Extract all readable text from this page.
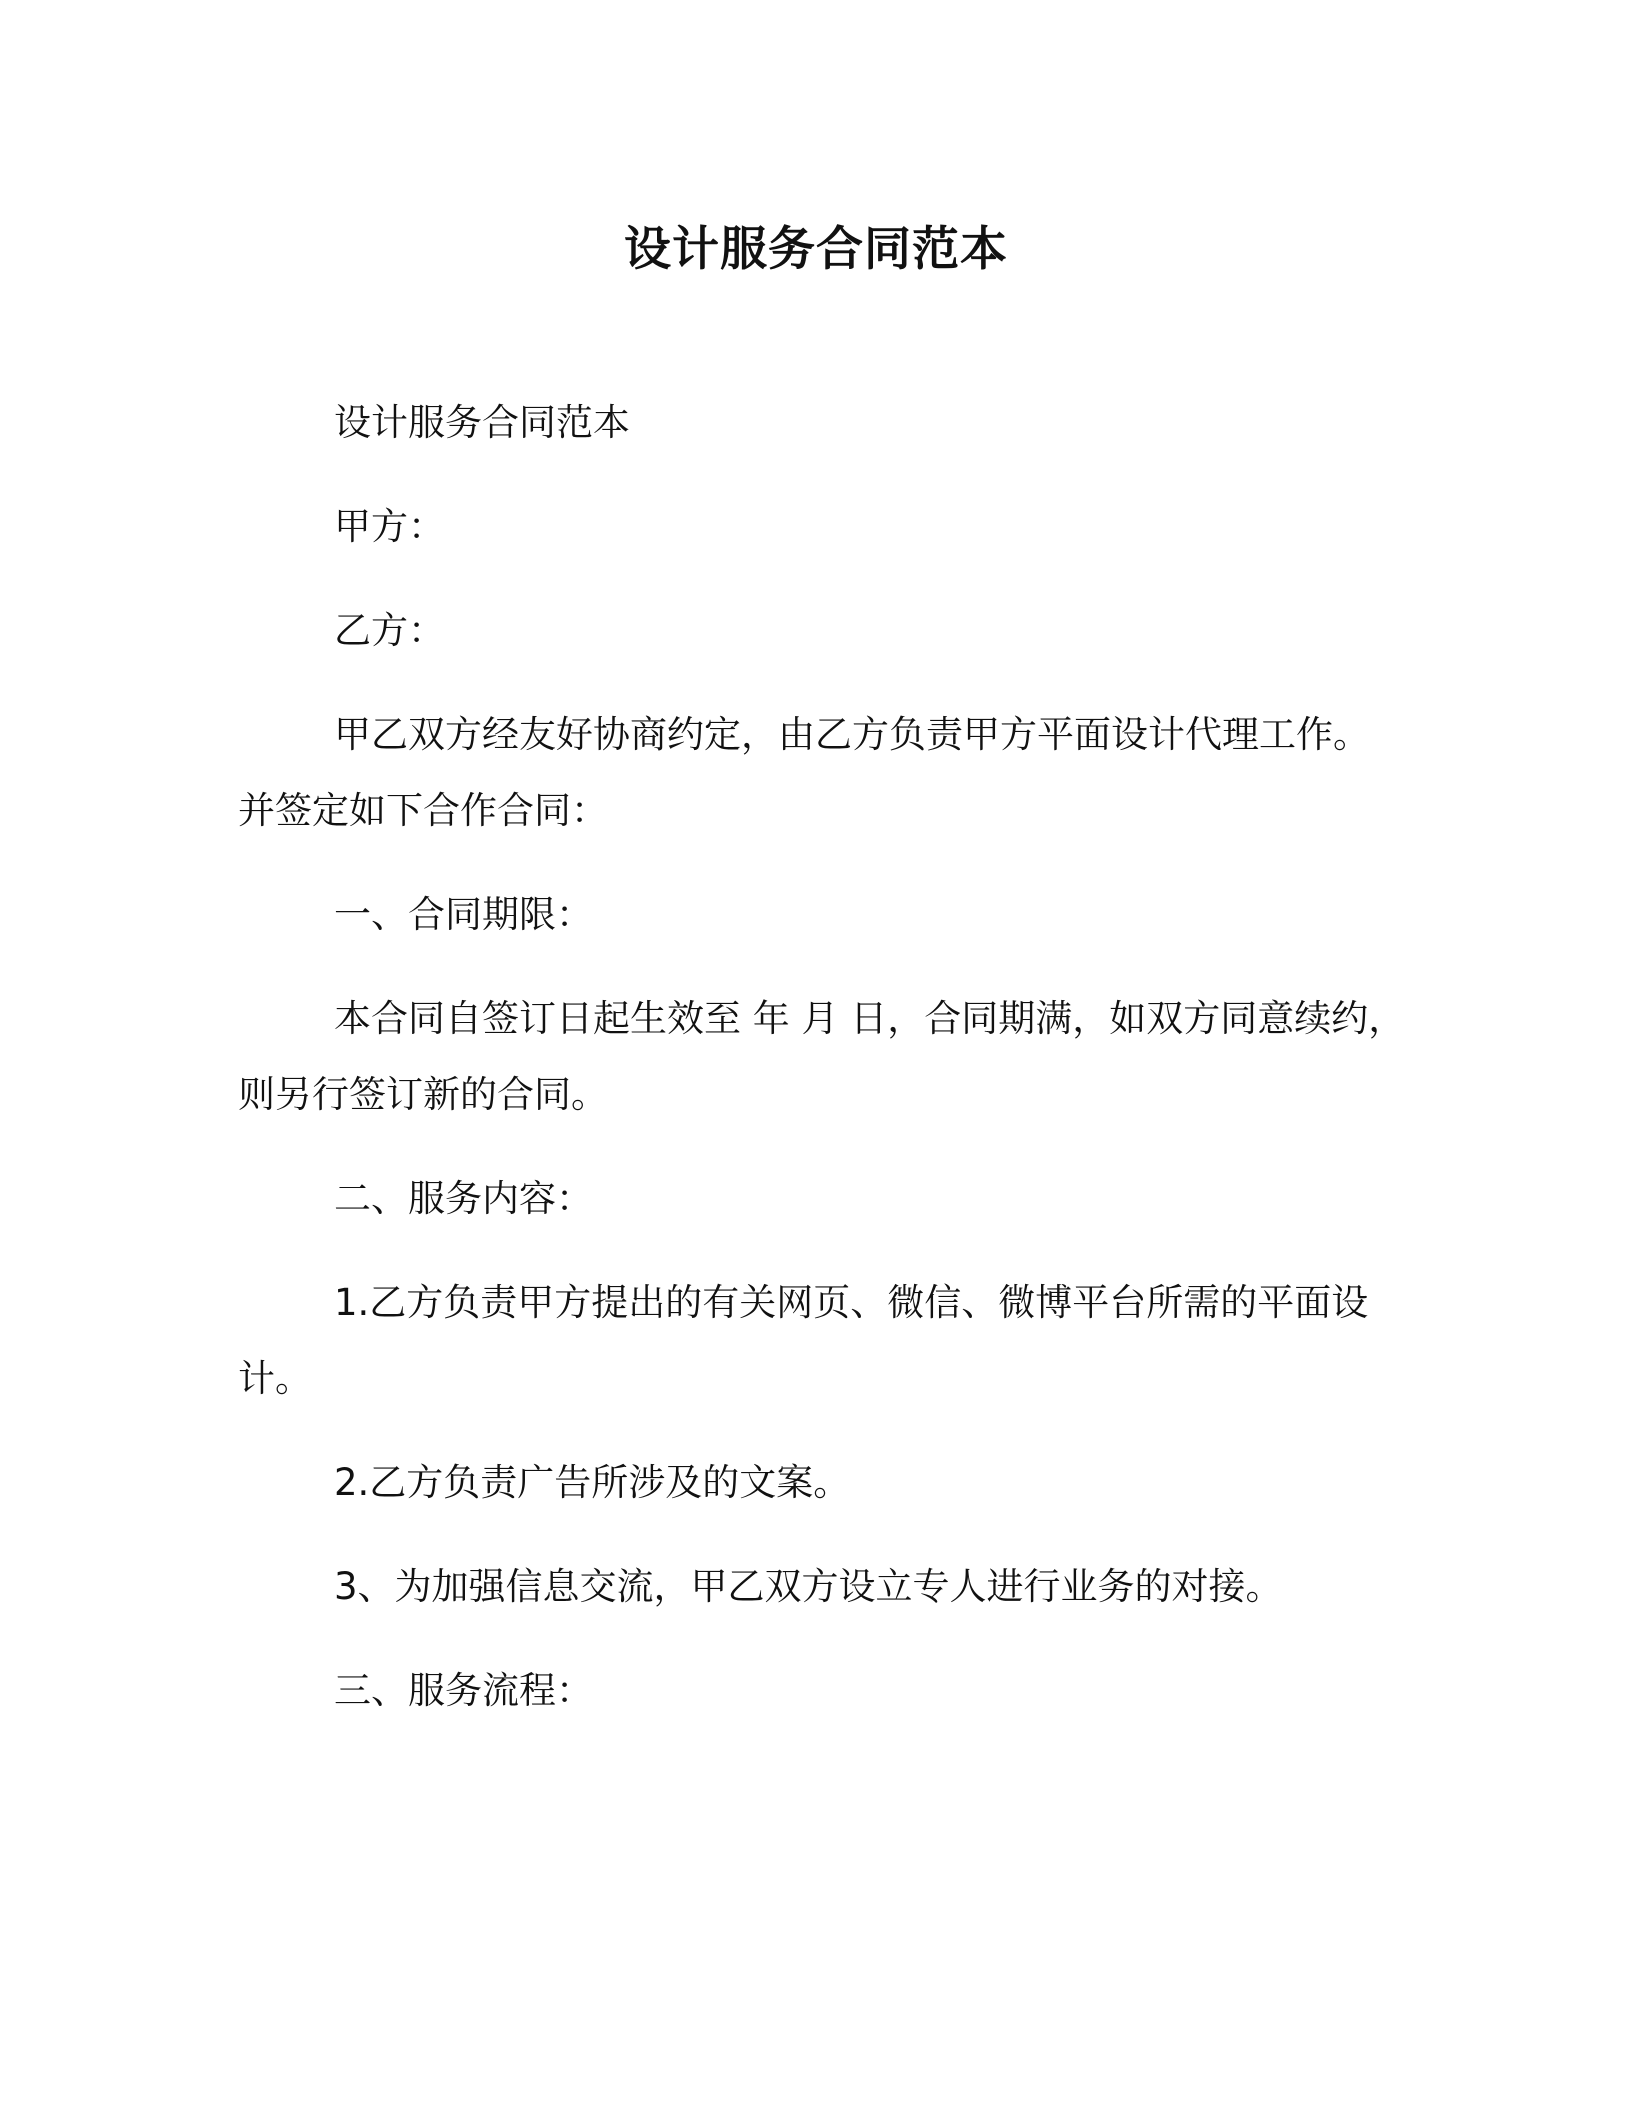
设计服务合同范本
设计服务合同范本
甲方：
乙方：
甲乙双方经友好协商约定，由乙方负责甲方平面设计代理工作。
并签定如下合作合同：
一、合同期限：
本合同自签订日起生效至 年 月 日，合同期满，如双方同意续约，
则另行签订新的合同。
二、服务内容：
1.乙方负责甲方提出的有关网页、微信、微博平台所需的平面设
计。
2.乙方负责广告所涉及的文案。
3、为加强信息交流，甲乙双方设立专人进行业务的对接。
三、服务流程：
